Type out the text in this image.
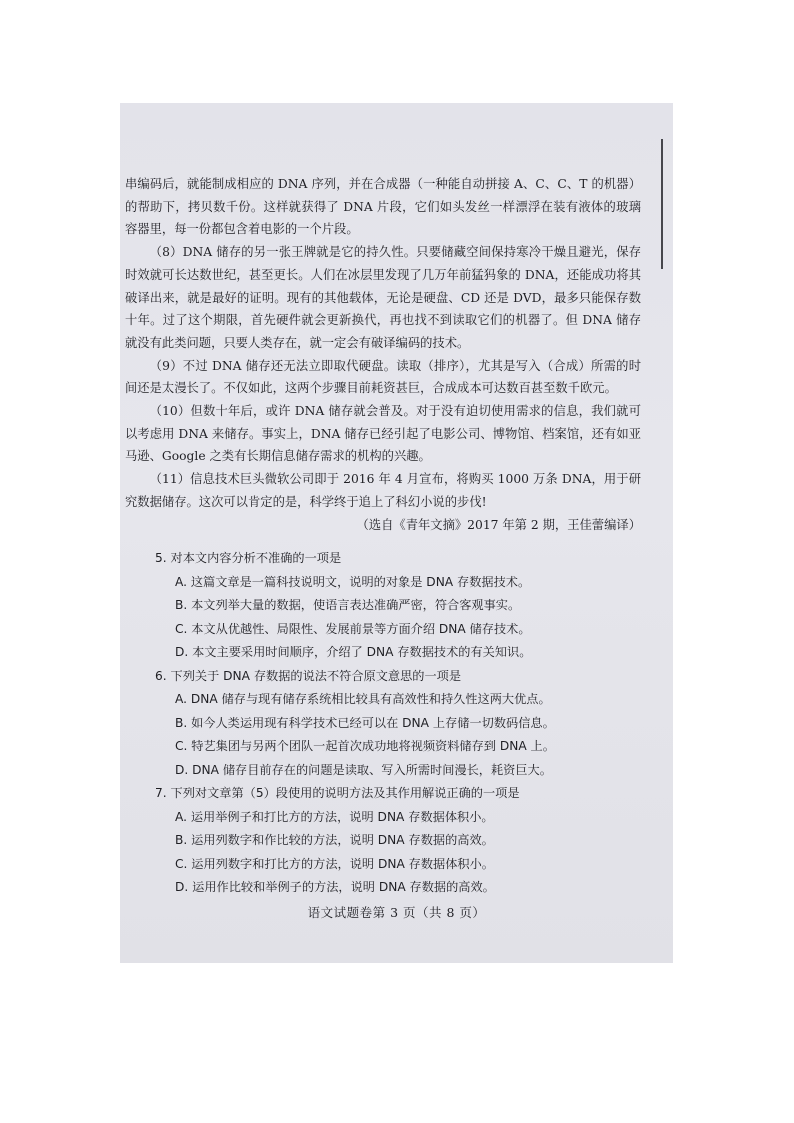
串编码后，就能制成相应的 DNA 序列，并在合成器（一种能自动拼接 A、C、C、T 的机器）的帮助下，拷贝数千份。这样就获得了 DNA 片段，它们如头发丝一样漂浮在装有液体的玻璃容器里，每一份都包含着电影的一个片段。

（8）DNA 储存的另一张王牌就是它的持久性。只要储藏空间保持寒冷干燥且避光，保存时效就可长达数世纪，甚至更长。人们在冰层里发现了几万年前猛犸象的 DNA，还能成功将其破译出来，就是最好的证明。现有的其他载体，无论是硬盘、CD 还是 DVD，最多只能保存数十年。过了这个期限，首先硬件就会更新换代，再也找不到读取它们的机器了。但 DNA 储存就没有此类问题，只要人类存在，就一定会有破译编码的技术。

（9）不过 DNA 储存还无法立即取代硬盘。读取（排序），尤其是写入（合成）所需的时间还是太漫长了。不仅如此，这两个步骤目前耗资甚巨，合成成本可达数百甚至数千欧元。

（10）但数十年后，或许 DNA 储存就会普及。对于没有迫切使用需求的信息，我们就可以考虑用 DNA 来储存。事实上，DNA 储存已经引起了电影公司、博物馆、档案馆，还有如亚马逊、Google 之类有长期信息储存需求的机构的兴趣。

（11）信息技术巨头微软公司即于 2016 年 4 月宣布，将购买 1000 万条 DNA，用于研究数据储存。这次可以肯定的是，科学终于追上了科幻小说的步伐!

（选自《青年文摘》2017 年第 2 期，王佳蕾编译）

5. 对本文内容分析不准确的一项是

A. 这篇文章是一篇科技说明文，说明的对象是 DNA 存数据技术。

B. 本文列举大量的数据，使语言表达准确严密，符合客观事实。

C. 本文从优越性、局限性、发展前景等方面介绍 DNA 储存技术。

D. 本文主要采用时间顺序，介绍了 DNA 存数据技术的有关知识。

6. 下列关于 DNA 存数据的说法不符合原文意思的一项是

A. DNA 储存与现有储存系统相比较具有高效性和持久性这两大优点。

B. 如今人类运用现有科学技术已经可以在 DNA 上存储一切数码信息。

C. 特艺集团与另两个团队一起首次成功地将视频资料储存到 DNA 上。

D. DNA 储存目前存在的问题是读取、写入所需时间漫长，耗资巨大。

7. 下列对文章第（5）段使用的说明方法及其作用解说正确的一项是

A. 运用举例子和打比方的方法，说明 DNA 存数据体积小。

B. 运用列数字和作比较的方法，说明 DNA 存数据的高效。

C. 运用列数字和打比方的方法，说明 DNA 存数据体积小。

D. 运用作比较和举例子的方法，说明 DNA 存数据的高效。

语文试题卷第 3 页（共 8 页）
